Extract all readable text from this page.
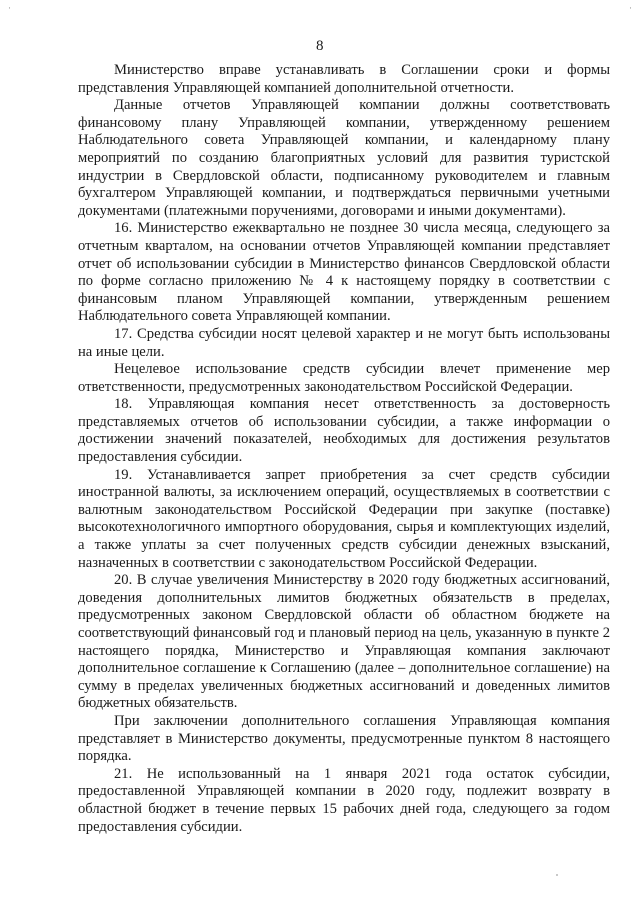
·	·
8

Министерство вправе устанавливать в Соглашении сроки и формы представления Управляющей компанией дополнительной отчетности.

Данные отчетов Управляющей компании должны соответствовать финансовому плану Управляющей компании, утвержденному решением Наблюдательного совета Управляющей компании, и календарному плану мероприятий по созданию благоприятных условий для развития туристской индустрии в Свердловской области, подписанному руководителем и главным бухгалтером Управляющей компании, и подтверждаться первичными учетными документами (платежными поручениями, договорами и иными документами).

16. Министерство ежеквартально не позднее 30 числа месяца, следующего за отчетным кварталом, на основании отчетов Управляющей компании представляет отчет об использовании субсидии в Министерство финансов Свердловской области по форме согласно приложению № 4 к настоящему порядку в соответствии с финансовым планом Управляющей компании, утвержденным решением Наблюдательного совета Управляющей компании.

17. Средства субсидии носят целевой характер и не могут быть использованы на иные цели.

Нецелевое использование средств субсидии влечет применение мер ответственности, предусмотренных законодательством Российской Федерации.

18. Управляющая компания несет ответственность за достоверность представляемых отчетов об использовании субсидии, а также информации о достижении значений показателей, необходимых для достижения результатов предоставления субсидии.

19. Устанавливается запрет приобретения за счет средств субсидии иностранной валюты, за исключением операций, осуществляемых в соответствии с валютным законодательством Российской Федерации при закупке (поставке) высокотехнологичного импортного оборудования, сырья и комплектующих изделий, а также уплаты за счет полученных средств субсидии денежных взысканий, назначенных в соответствии с законодательством Российской Федерации.

20. В случае увеличения Министерству в 2020 году бюджетных ассигнований, доведения дополнительных лимитов бюджетных обязательств в пределах, предусмотренных законом Свердловской области об областном бюджете на соответствующий финансовый год и плановый период на цель, указанную в пункте 2 настоящего порядка, Министерство и Управляющая компания заключают дополнительное соглашение к Соглашению (далее – дополнительное соглашение) на сумму в пределах увеличенных бюджетных ассигнований и доведенных лимитов бюджетных обязательств.

При заключении дополнительного соглашения Управляющая компания представляет в Министерство документы, предусмотренные пунктом 8 настоящего порядка.

21. Не использованный на 1 января 2021 года остаток субсидии, предоставленной Управляющей компании в 2020 году, подлежит возврату в областной бюджет в течение первых 15 рабочих дней года, следующего за годом предоставления субсидии.
